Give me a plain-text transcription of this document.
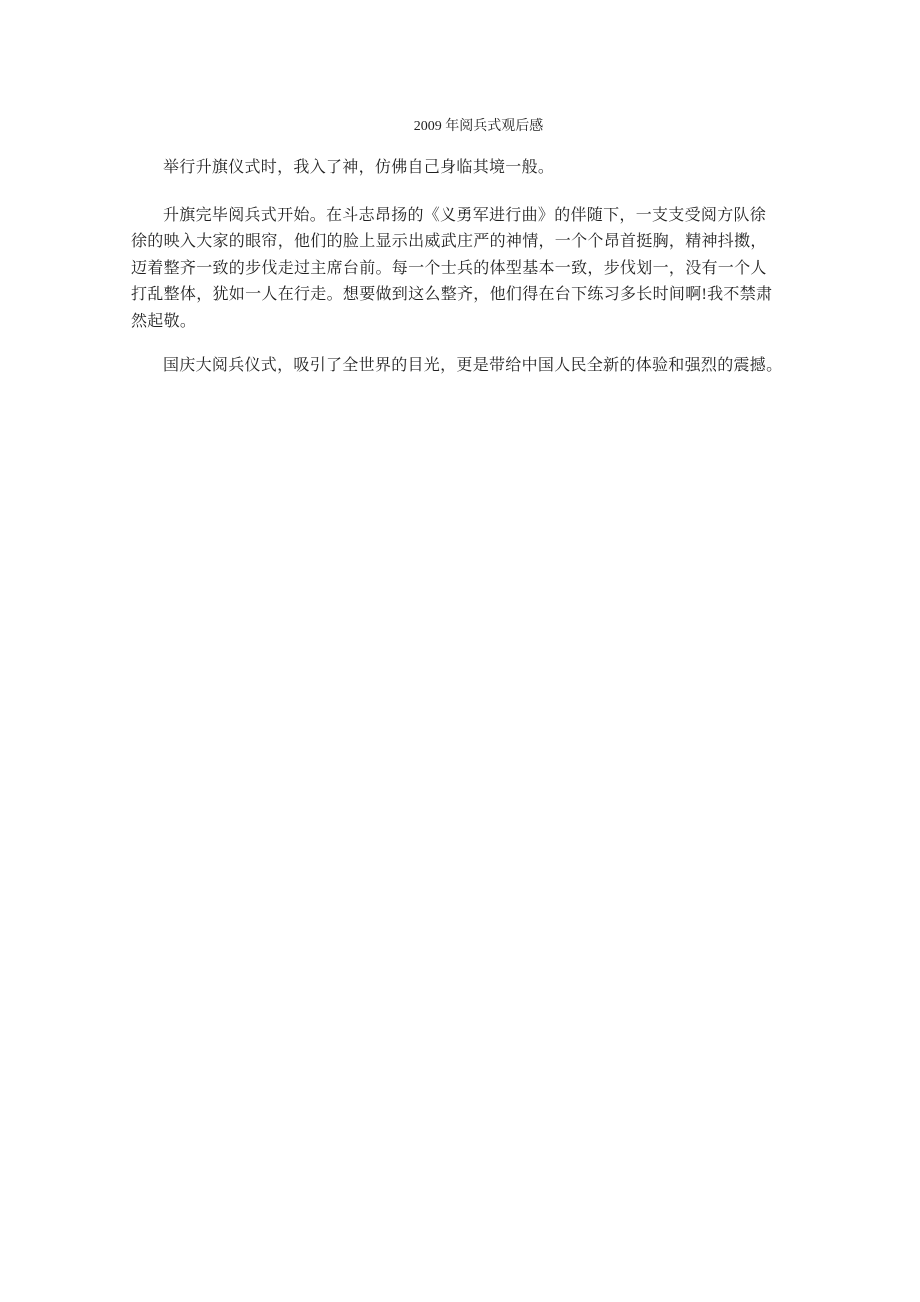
2009 年阅兵式观后感
举行升旗仪式时，我入了神，仿佛自己身临其境一般。
升旗完毕阅兵式开始。在斗志昂扬的《义勇军进行曲》的伴随下，一支支受阅方队徐
徐的映入大家的眼帘，他们的脸上显示出威武庄严的神情，一个个昂首挺胸，精神抖擞，
迈着整齐一致的步伐走过主席台前。每一个士兵的体型基本一致，步伐划一，没有一个人
打乱整体，犹如一人在行走。想要做到这么整齐，他们得在台下练习多长时间啊!我不禁肃
然起敬。
国庆大阅兵仪式，吸引了全世界的目光，更是带给中国人民全新的体验和强烈的震撼。
